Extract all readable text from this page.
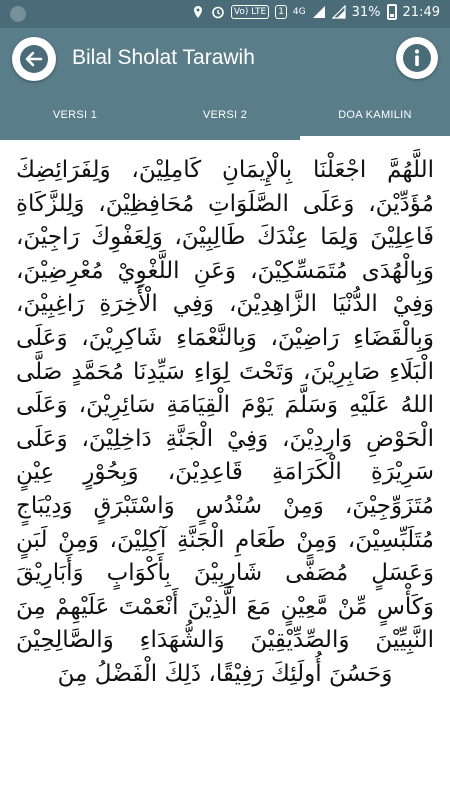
Vo) LTE	1	4G	31% 21:49
Bilal Sholat Tarawih
VERSI 1	VERSI 2	DOA KAMILIN

اللَّهُمَّ اجْعَلْنَا بِالْإِيمَانِ كَامِلِيْنَ، وَلِفَرَائِضِكَ مُؤَدِّيْنَ، وَعَلَى الصَّلَوَاتِ مُحَافِظِيْنَ، وَلِلزَّكَاةِ فَاعِلِيْنَ وَلِمَا عِنْدَكَ طَالِبِيْنَ، وَلِعَفْوِكَ رَاجِيْنَ، وَبِالْهُدَى مُتَمَسِّكِيْنَ، وَعَنِ اللَّغْوِيْ مُعْرِضِيْنَ، وَفِيْ الدُّنْيَا الزَّاهِدِيْنَ، وَفِي الْأَخِرَةِ رَاغِبِيْنَ، وَبِالْقَضَاءِ رَاضِيْنَ، وَبِالنَّعْمَاءِ شَاكِرِيْنَ، وَعَلَى الْبَلَاءِ صَابِرِيْنَ، وَتَحْتَ لِوَاءِ سَيِّدِنَا مُحَمَّدٍ صَلَّى اللهُ عَلَيْهِ وَسَلَّمَ يَوْمَ الْقِيَامَةِ سَائِرِيْنَ، وَعَلَى الْحَوْضِ وَارِدِيْنَ، وَفِيْ الْجَنَّةِ دَاخِلِيْنَ، وَعَلَى سَرِيْرَةِ الْكَرَامَةِ قَاعِدِيْنَ، وَبِحُوْرٍ عِيْنٍ مُتَزَوِّجِيْنَ، وَمِنْ سُنْدُسٍ وَاسْتَبْرَقٍ وَدِيْبَاجٍ مُتَلَبِّسِيْنَ، وَمِنْ طَعَامِ الْجَنَّةِ آكِلِيْنَ، وَمِنْ لَبَنٍ وَعَسَلٍ مُصَفًّى شَارِبِيْنَ بِأَكْوَابٍ وَأَبَارِيْقَ وَكَأْسٍ مِّنْ مَّعِيْنٍ مَعَ الَّذِيْنَ أَنْعَمْتَ عَلَيْهِمْ مِنَ النَّبِيِّيْنَ وَالصِّدِّيْقِيْنَ وَالشُّهَدَاءِ وَالصَّالِحِيْنَ وَحَسُنَ أُولَئِكَ رَفِيْقًا، ذَلِكَ الْفَضْلُ مِنَ
